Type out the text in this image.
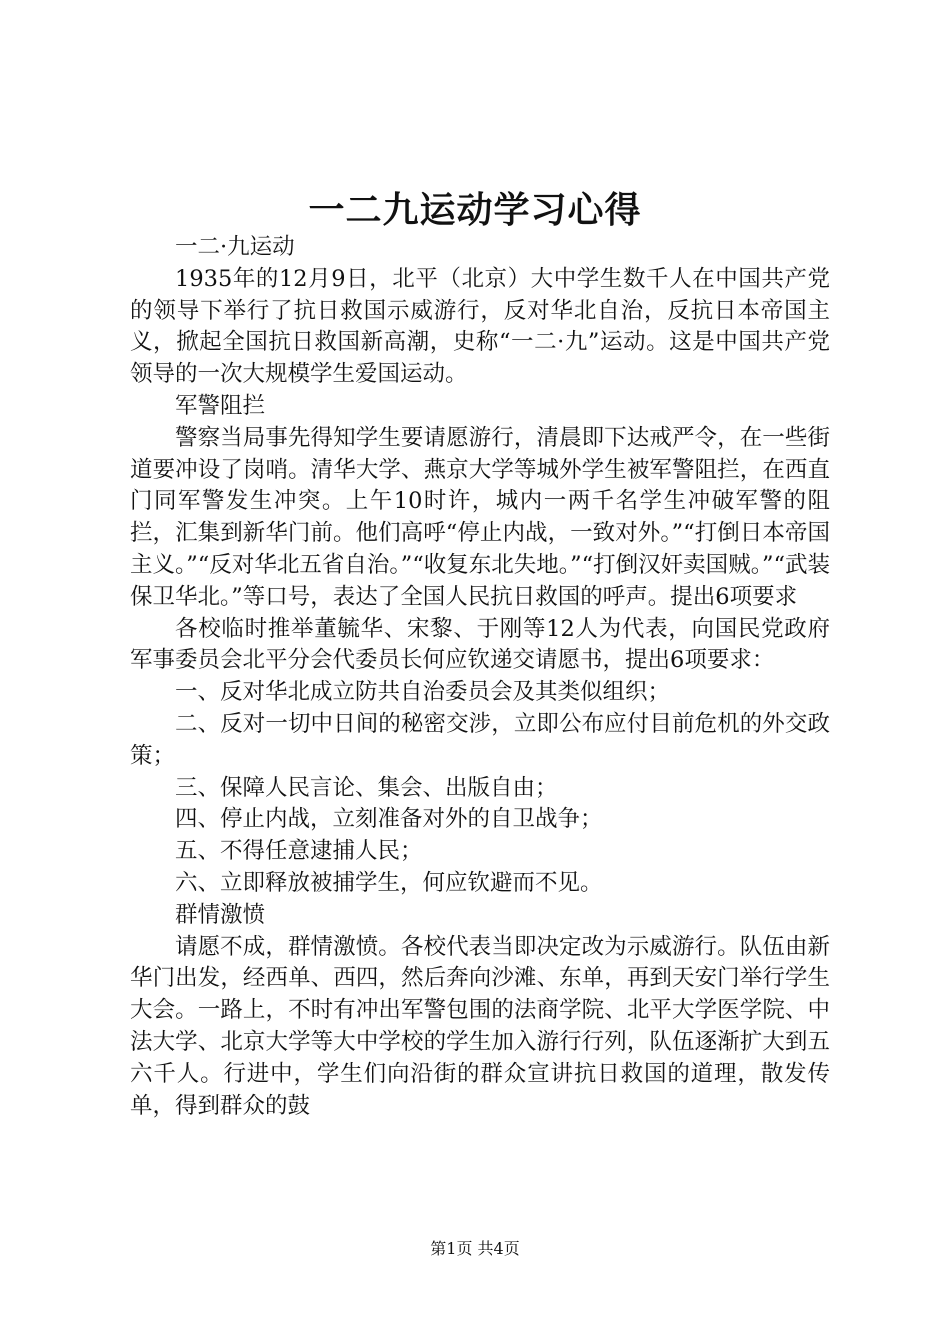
一二九运动学习心得

一二·九运动

1935年的12月9日，北平（北京）大中学生数千人在中国共产党的领导下举行了抗日救国示威游行，反对华北自治，反抗日本帝国主义，掀起全国抗日救国新高潮，史称“一二·九”运动。这是中国共产党领导的一次大规模学生爱国运动。

军警阻拦

警察当局事先得知学生要请愿游行，清晨即下达戒严令，在一些街道要冲设了岗哨。清华大学、燕京大学等城外学生被军警阻拦，在西直门同军警发生冲突。上午10时许，城内一两千名学生冲破军警的阻拦，汇集到新华门前。他们高呼“停止内战，一致对外。”“打倒日本帝国主义。”“反对华北五省自治。”“收复东北失地。”“打倒汉奸卖国贼。”“武装保卫华北。”等口号，表达了全国人民抗日救国的呼声。提出6项要求

各校临时推举董毓华、宋黎、于刚等12人为代表，向国民党政府军事委员会北平分会代委员长何应钦递交请愿书，提出6项要求：

一、反对华北成立防共自治委员会及其类似组织；

二、反对一切中日间的秘密交涉，立即公布应付目前危机的外交政策；

三、保障人民言论、集会、出版自由；

四、停止内战，立刻准备对外的自卫战争；

五、不得任意逮捕人民；

六、立即释放被捕学生，何应钦避而不见。

群情激愤

请愿不成，群情激愤。各校代表当即决定改为示威游行。队伍由新华门出发，经西单、西四，然后奔向沙滩、东单，再到天安门举行学生大会。一路上，不时有冲出军警包围的法商学院、北平大学医学院、中法大学、北京大学等大中学校的学生加入游行行列，队伍逐渐扩大到五六千人。行进中，学生们向沿街的群众宣讲抗日救国的道理，散发传单，得到群众的鼓

第1页 共4页
